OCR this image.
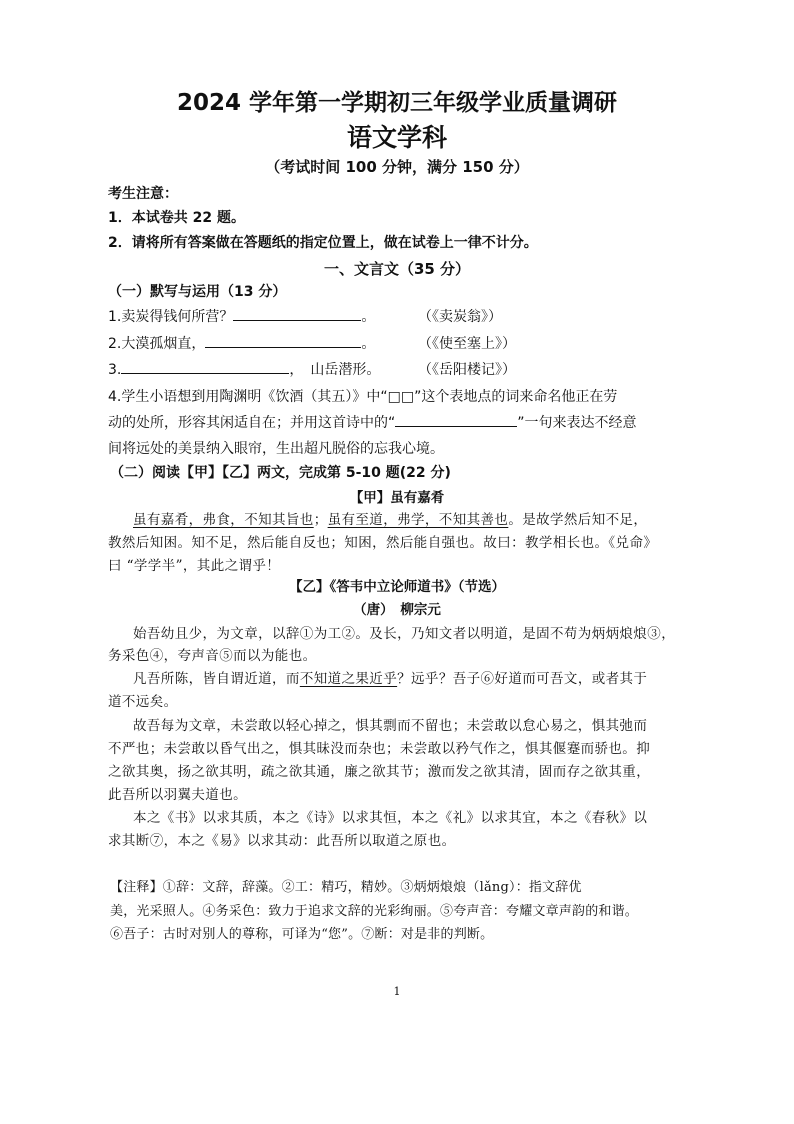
2024 学年第一学期初三年级学业质量调研
语文学科
（考试时间 100 分钟，满分 150 分）
考生注意：
1．本试卷共 22 题。
2．请将所有答案做在答题纸的指定位置上，做在试卷上一律不计分。
一、文言文（35 分）
（一）默写与运用（13 分）
1.卖炭得钱何所营？	。	（《卖炭翁》）
2.大漠孤烟直，	。	（《使至塞上》）
3.	，　山岳潜形。	（《岳阳楼记》）
4.学生小语想到用陶渊明《饮酒（其五）》中“□□”这个表地点的词来命名他正在劳
动的处所，形容其闲适自在；并用这首诗中的“	”一句来表达不经意
间将远处的美景纳入眼帘，生出超凡脱俗的忘我心境。
（二）阅读【甲】【乙】两文，完成第 5-10 题(22 分)
【甲】虽有嘉肴
虽有嘉肴，弗食，不知其旨也；虽有至道，弗学，不知其善也。是故学然后知不足，
教然后知困。知不足，然后能自反也；知困，然后能自强也。故曰：教学相长也。《兑命》
曰 “学学半”，其此之谓乎！
【乙】《答韦中立论师道书》（节选）
（唐）　柳宗元
始吾幼且少，为文章，以辞①为工②。及长，乃知文者以明道，是固不苟为炳炳烺烺③，
务采色④，夸声音⑤而以为能也。
凡吾所陈，皆自谓近道，而不知道之果近乎？远乎？吾子⑥好道而可吾文，或者其于
道不远矣。
故吾每为文章，未尝敢以轻心掉之，惧其剽而不留也；未尝敢以怠心易之，惧其弛而
不严也；未尝敢以昏气出之，惧其昧没而杂也；未尝敢以矜气作之，惧其偃蹇而骄也。抑
之欲其奥，扬之欲其明，疏之欲其通，廉之欲其节；激而发之欲其清，固而存之欲其重，
此吾所以羽翼夫道也。
本之《书》以求其质，本之《诗》以求其恒，本之《礼》以求其宜，本之《春秋》以
求其断⑦，本之《易》以求其动：此吾所以取道之原也。
【注释】①辞：文辞，辞藻。②工：精巧，精妙。③炳炳烺烺（lǎng）：指文辞优
美，光采照人。④务采色：致力于追求文辞的光彩绚丽。⑤夸声音：夸耀文章声韵的和谐。
⑥吾子：古时对别人的尊称，可译为“您”。⑦断：对是非的判断。
1
